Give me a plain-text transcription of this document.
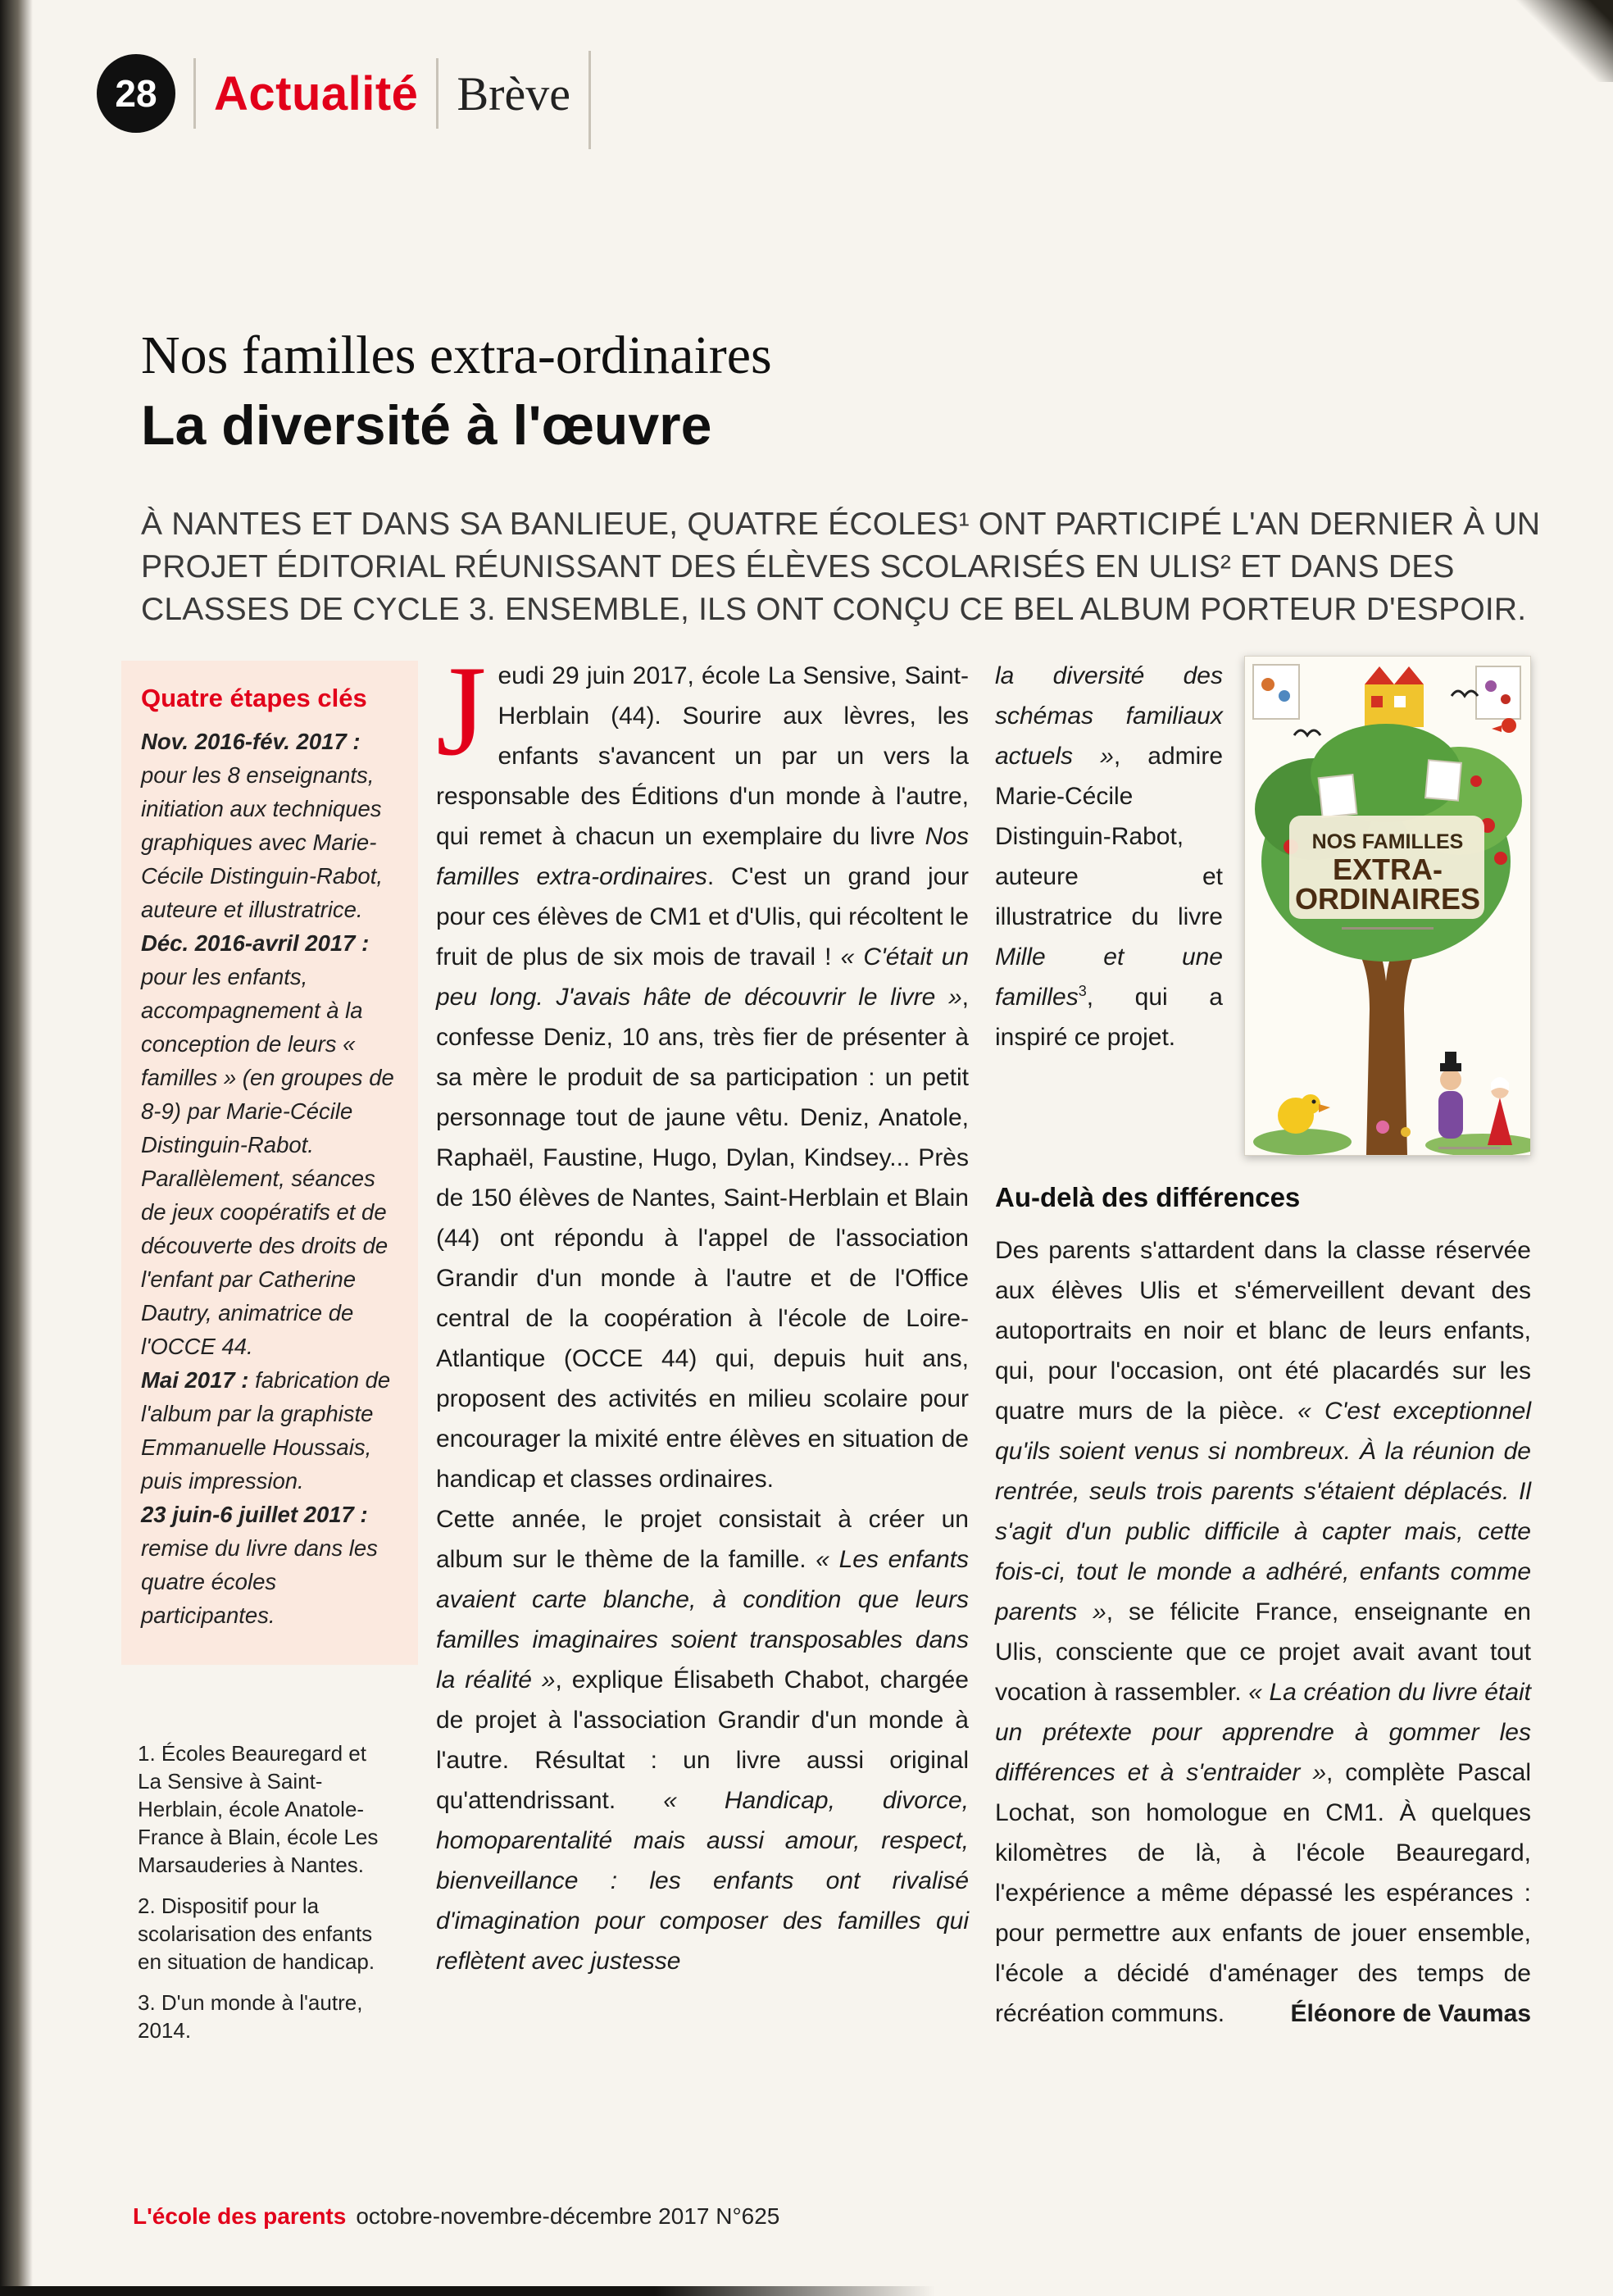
28	Actualité Brève
Nos familles extra-ordinaires
La diversité à l'œuvre
À NANTES ET DANS SA BANLIEUE, QUATRE ÉCOLES¹ ONT PARTICIPÉ L'AN DERNIER À UN PROJET ÉDITORIAL RÉUNISSANT DES ÉLÈVES SCOLARISÉS EN ULIS² ET DANS DES CLASSES DE CYCLE 3. ENSEMBLE, ILS ONT CONÇU CE BEL ALBUM PORTEUR D'ESPOIR.
Quatre étapes clés

Nov. 2016-fév. 2017 : pour les 8 enseignants, initiation aux techniques graphiques avec Marie-Cécile Distinguin-Rabot, auteure et illustratrice.

Déc. 2016-avril 2017 : pour les enfants, accompagnement à la conception de leurs « familles » (en groupes de 8-9) par Marie-Cécile Distinguin-Rabot. Parallèlement, séances de jeux coopératifs et de découverte des droits de l'enfant par Catherine Dautry, animatrice de l'OCCE 44.

Mai 2017 : fabrication de l'album par la graphiste Emmanuelle Houssais, puis impression.

23 juin-6 juillet 2017 : remise du livre dans les quatre écoles participantes.

1. Écoles Beauregard et La Sensive à Saint-Herblain, école Anatole-France à Blain, école Les Marsauderies à Nantes.

2. Dispositif pour la scolarisation des enfants en situation de handicap.

3. D'un monde à l'autre, 2014.

Jeudi 29 juin 2017, école La Sensive, Saint-Herblain (44). Sourire aux lèvres, les enfants s'avancent un par un vers la responsable des Éditions d'un monde à l'autre, qui remet à chacun un exemplaire du livre Nos familles extra-ordinaires. C'est un grand jour pour ces élèves de CM1 et d'Ulis, qui récoltent le fruit de plus de six mois de travail ! « C'était un peu long. J'avais hâte de découvrir le livre », confesse Deniz, 10 ans, très fier de présenter à sa mère le produit de sa participation : un petit personnage tout de jaune vêtu. Deniz, Anatole, Raphaël, Faustine, Hugo, Dylan, Kindsey... Près de 150 élèves de Nantes, Saint-Herblain et Blain (44) ont répondu à l'appel de l'association Grandir d'un monde à l'autre et de l'Office central de la coopération à l'école de Loire-Atlantique (OCCE 44) qui, depuis huit ans, proposent des activités en milieu scolaire pour encourager la mixité entre élèves en situation de handicap et classes ordinaires.

Cette année, le projet consistait à créer un album sur le thème de la famille. « Les enfants avaient carte blanche, à condition que leurs familles imaginaires soient transposables dans la réalité », explique Élisabeth Chabot, chargée de projet à l'association Grandir d'un monde à l'autre. Résultat : un livre aussi original qu'attendrissant. « Handicap, divorce, homoparentalité mais aussi amour, respect, bienveillance : les enfants ont rivalisé d'imagination pour composer des familles qui reflètent avec justesse

NOS FAMILLES
EXTRA-
ORDINAIRES

la diversité des schémas familiaux actuels », admire Marie-Cécile Distinguin-Rabot, auteure et illustratrice du livre Mille et une familles$^3$, qui a inspiré ce projet.

Au-delà des différences

Des parents s'attardent dans la classe réservée aux élèves Ulis et s'émerveillent devant des autoportraits en noir et blanc de leurs enfants, qui, pour l'occasion, ont été placardés sur les quatre murs de la pièce. « C'est exceptionnel qu'ils soient venus si nombreux. À la réunion de rentrée, seuls trois parents s'étaient déplacés. Il s'agit d'un public difficile à capter mais, cette fois-ci, tout le monde a adhéré, enfants comme parents », se félicite France, enseignante en Ulis, consciente que ce projet avait avant tout vocation à rassembler. « La création du livre était un prétexte pour apprendre à gommer les différences et à s'entraider », complète Pascal Lochat, son homologue en CM1. À quelques kilomètres de là, à l'école Beauregard, l'expérience a même dépassé les espérances : pour permettre aux enfants de jouer ensemble, l'école a décidé d'aménager des temps de récréation communs.	Éléonore de Vaumas
L'école des parents octobre-novembre-décembre 2017 N°625
